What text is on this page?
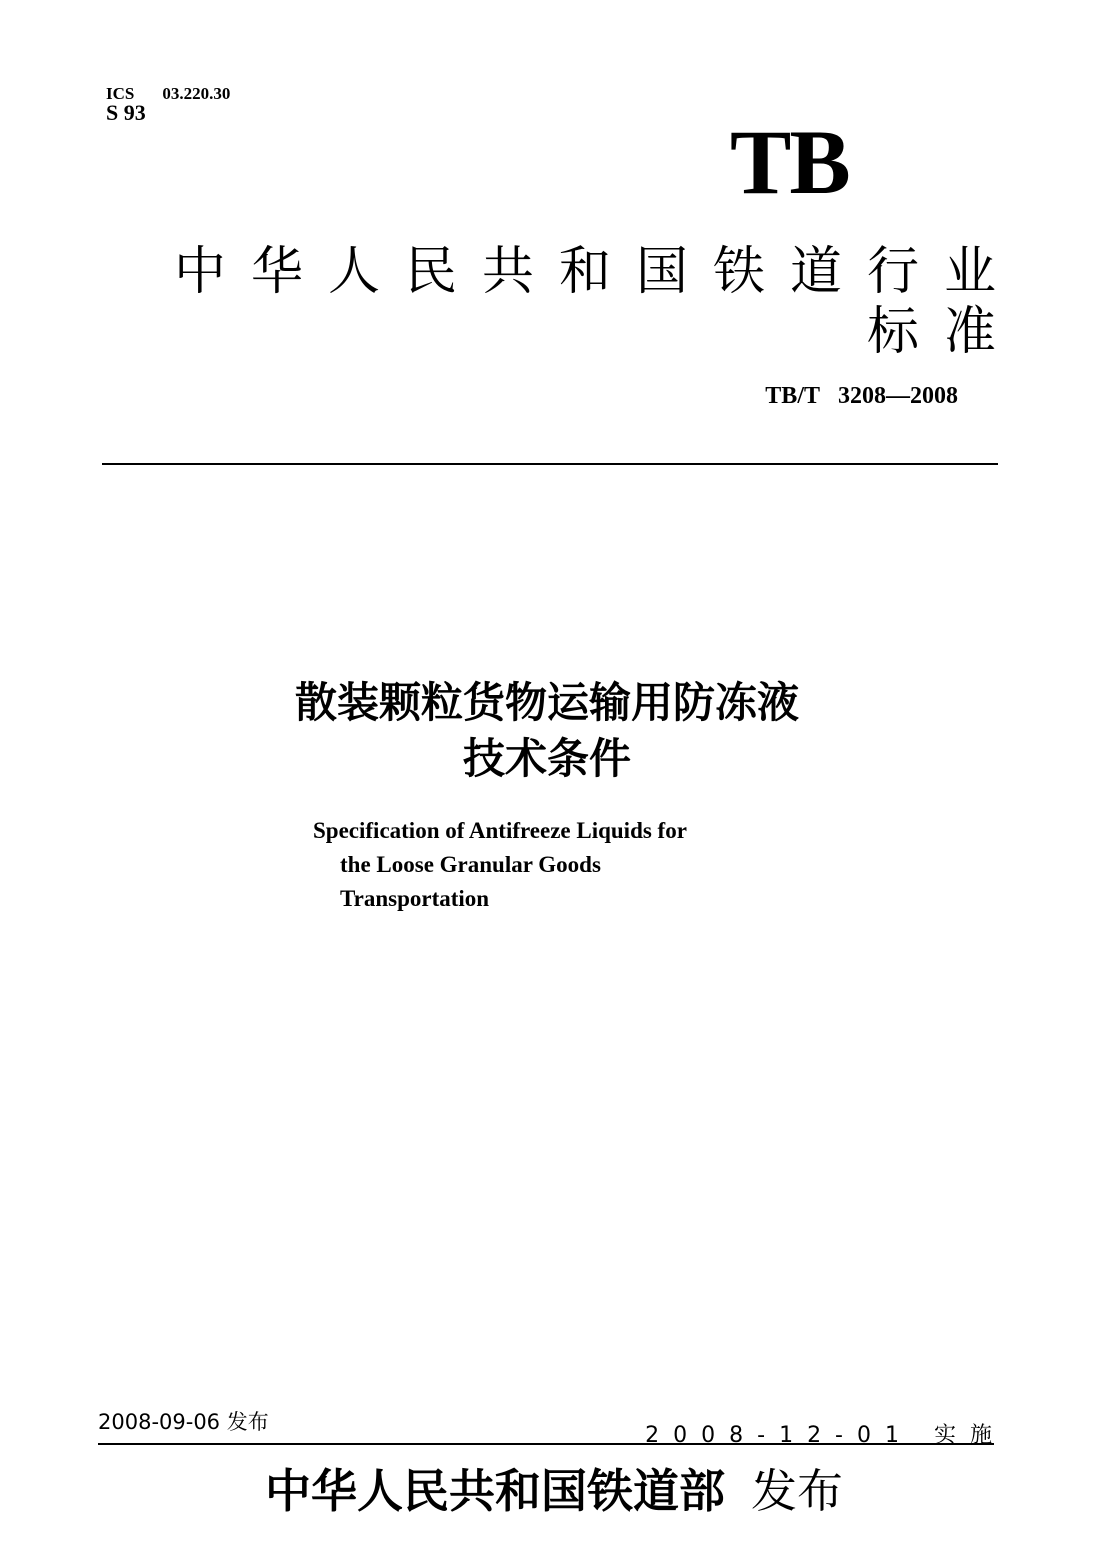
ICS 03.220.30
S 93	TB
中华人民共和国铁道行业
标准
TB/T 3208—2008
散装颗粒货物运输用防冻液
技术条件
Specification of Antifreeze Liquids for
the Loose Granular Goods
Transportation
2008-09-06 发布
2008-12-01 实施
中华人民共和国铁道部 发布
